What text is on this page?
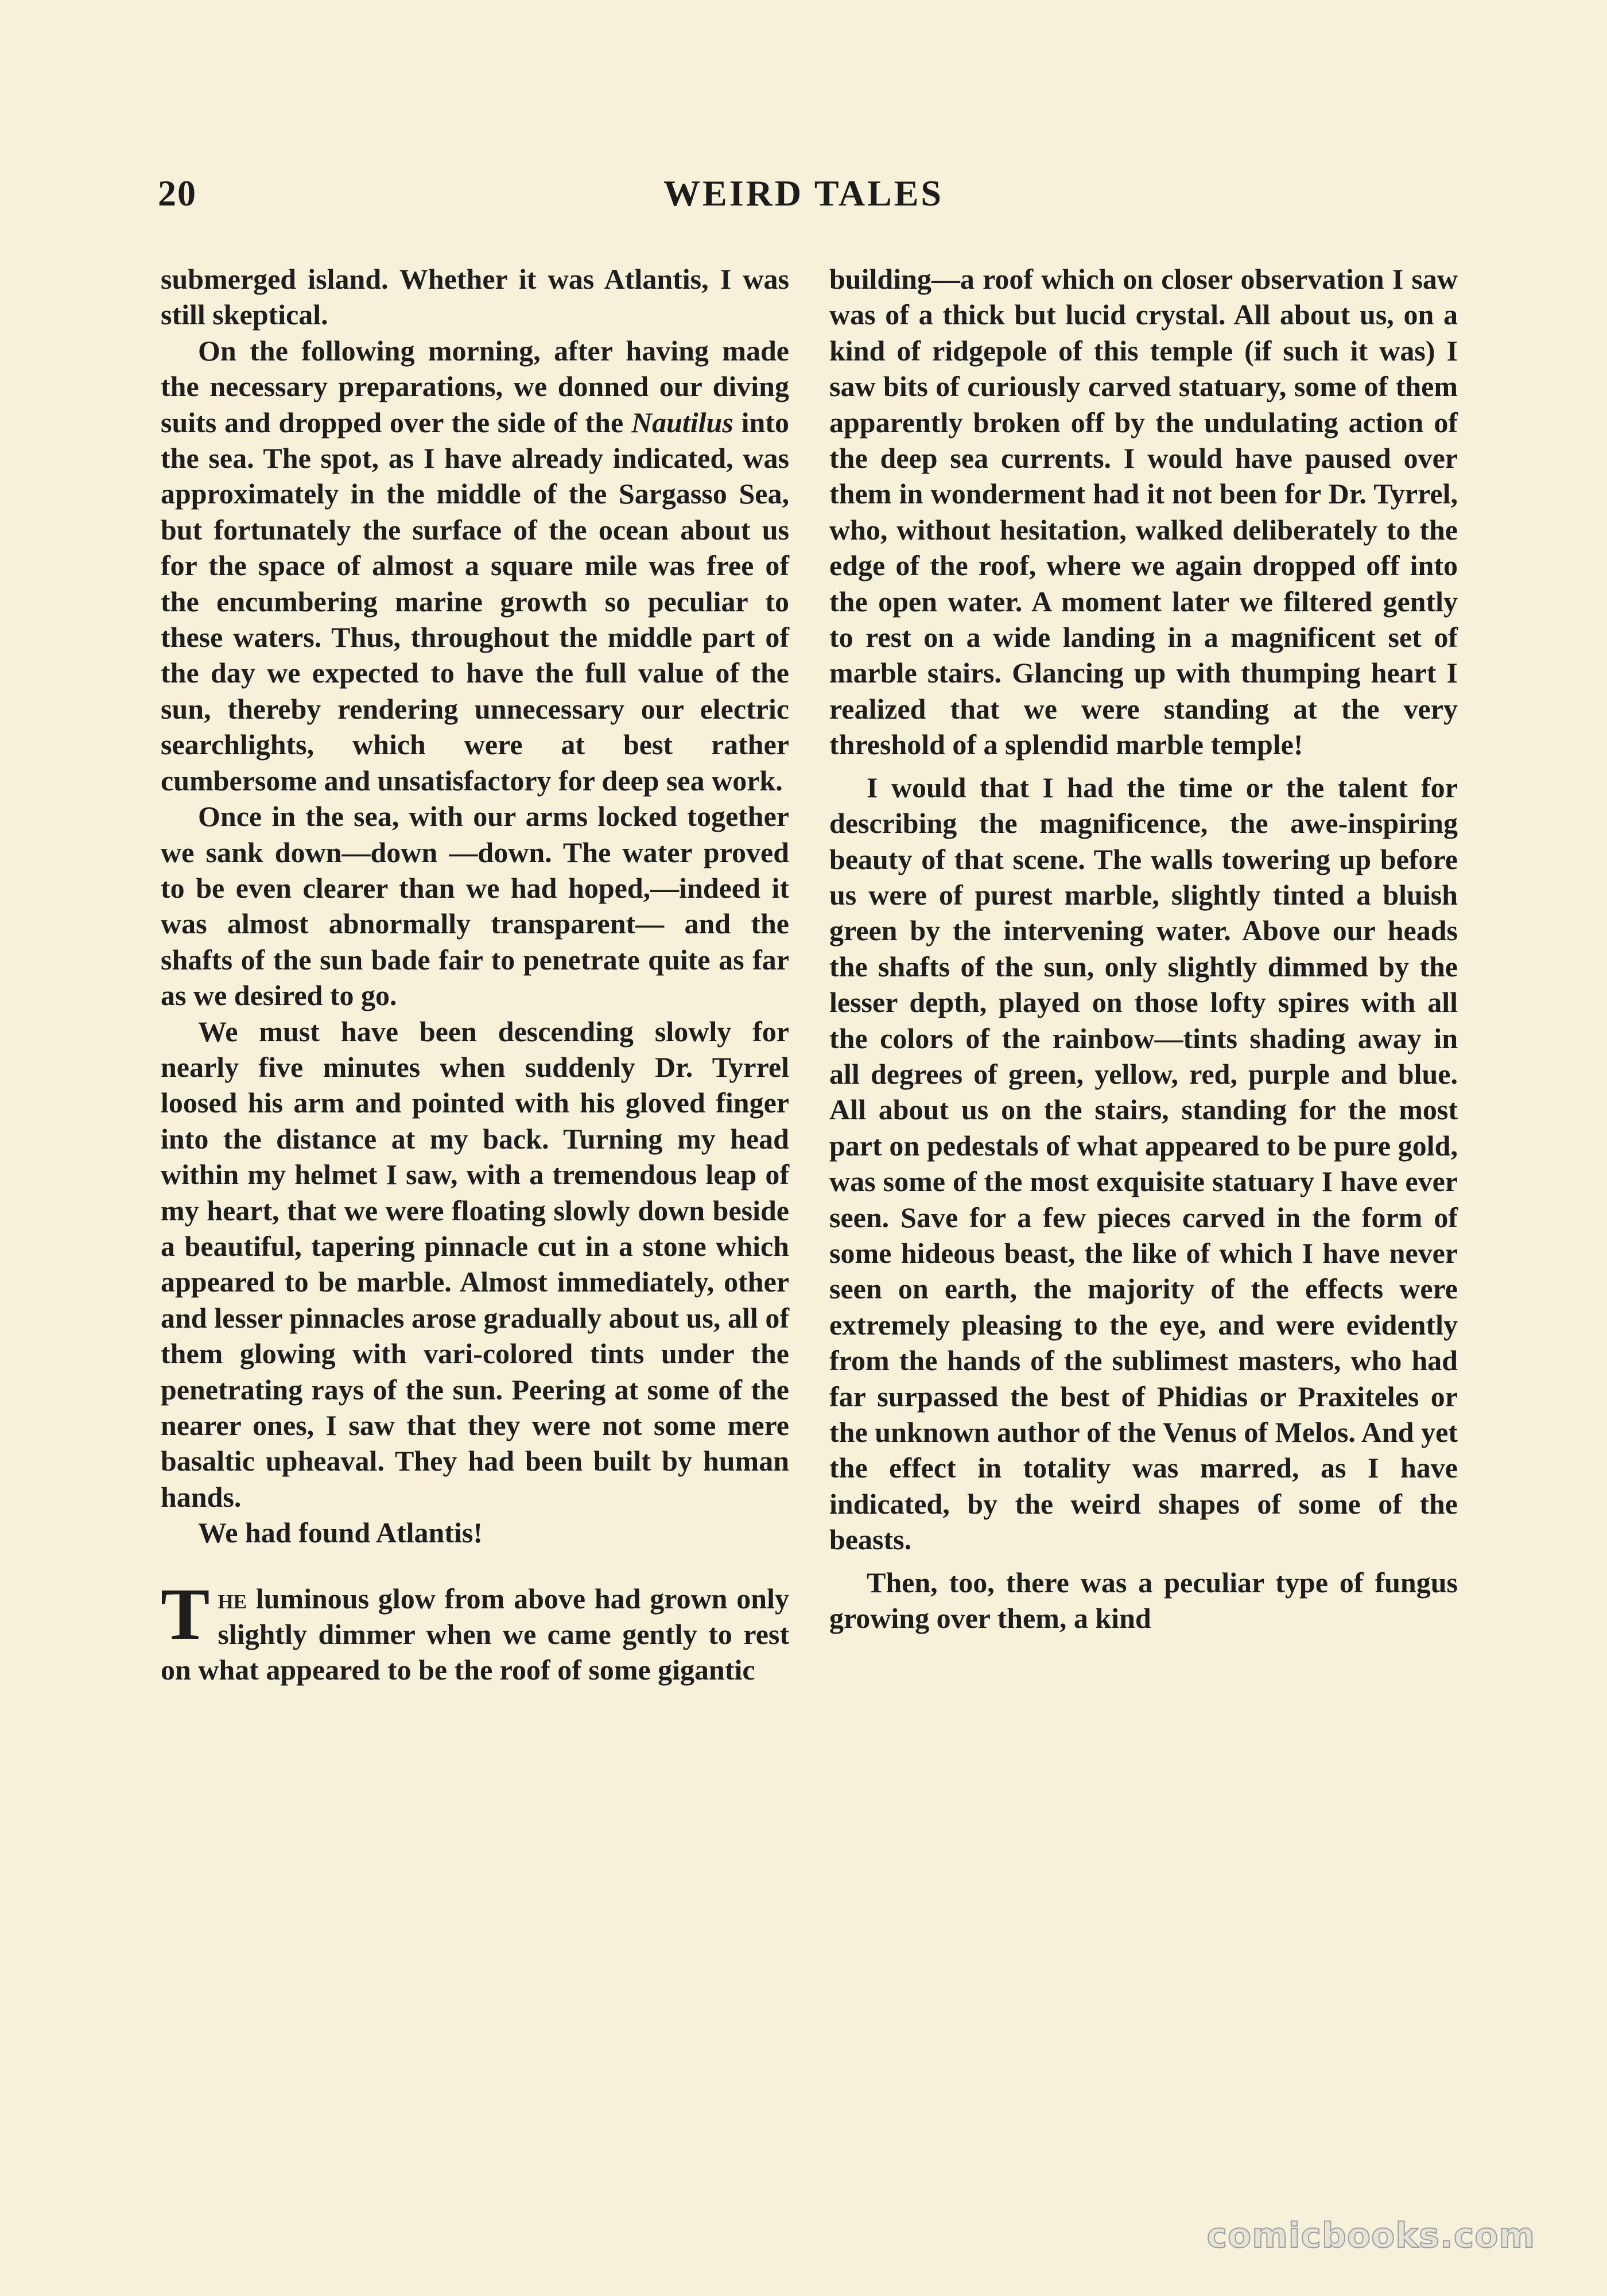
20	WEIRD TALES

submerged island. Whether it was Atlantis, I was still skeptical.

On the following morning, after having made the necessary preparations, we donned our diving suits and dropped over the side of the Nautilus into the sea. The spot, as I have already indicated, was approximately in the middle of the Sargasso Sea, but fortunately the surface of the ocean about us for the space of almost a square mile was free of the encumbering marine growth so peculiar to these waters. Thus, throughout the middle part of the day we expected to have the full value of the sun, thereby rendering unnecessary our electric searchlights, which were at best rather cumbersome and unsatisfactory for deep sea work.

Once in the sea, with our arms locked together we sank down—down —down. The water proved to be even clearer than we had hoped,—indeed it was almost abnormally transparent— and the shafts of the sun bade fair to penetrate quite as far as we desired to go.

We must have been descending slowly for nearly five minutes when suddenly Dr. Tyrrel loosed his arm and pointed with his gloved finger into the distance at my back. Turning my head within my helmet I saw, with a tremendous leap of my heart, that we were floating slowly down beside a beautiful, tapering pinnacle cut in a stone which appeared to be marble. Almost immediately, other and lesser pinnacles arose gradually about us, all of them glowing with vari-colored tints under the penetrating rays of the sun. Peering at some of the nearer ones, I saw that they were not some mere basaltic upheaval. They had been built by human hands.

We had found Atlantis!

The luminous glow from above had grown only slightly dimmer when we came gently to rest on what appeared to be the roof of some gigantic

building—a roof which on closer observation I saw was of a thick but lucid crystal. All about us, on a kind of ridgepole of this temple (if such it was) I saw bits of curiously carved statuary, some of them apparently broken off by the undulating action of the deep sea currents. I would have paused over them in wonderment had it not been for Dr. Tyrrel, who, without hesitation, walked deliberately to the edge of the roof, where we again dropped off into the open water. A moment later we filtered gently to rest on a wide landing in a magnificent set of marble stairs. Glancing up with thumping heart I realized that we were standing at the very threshold of a splendid marble temple!

I would that I had the time or the talent for describing the magnificence, the awe-inspiring beauty of that scene. The walls towering up before us were of purest marble, slightly tinted a bluish green by the intervening water. Above our heads the shafts of the sun, only slightly dimmed by the lesser depth, played on those lofty spires with all the colors of the rainbow—tints shading away in all degrees of green, yellow, red, purple and blue. All about us on the stairs, standing for the most part on pedestals of what appeared to be pure gold, was some of the most exquisite statuary I have ever seen. Save for a few pieces carved in the form of some hideous beast, the like of which I have never seen on earth, the majority of the effects were extremely pleasing to the eye, and were evidently from the hands of the sublimest masters, who had far surpassed the best of Phidias or Praxiteles or the unknown author of the Venus of Melos. And yet the effect in totality was marred, as I have indicated, by the weird shapes of some of the beasts.

Then, too, there was a peculiar type of fungus growing over them, a kind

comicbooks.com
